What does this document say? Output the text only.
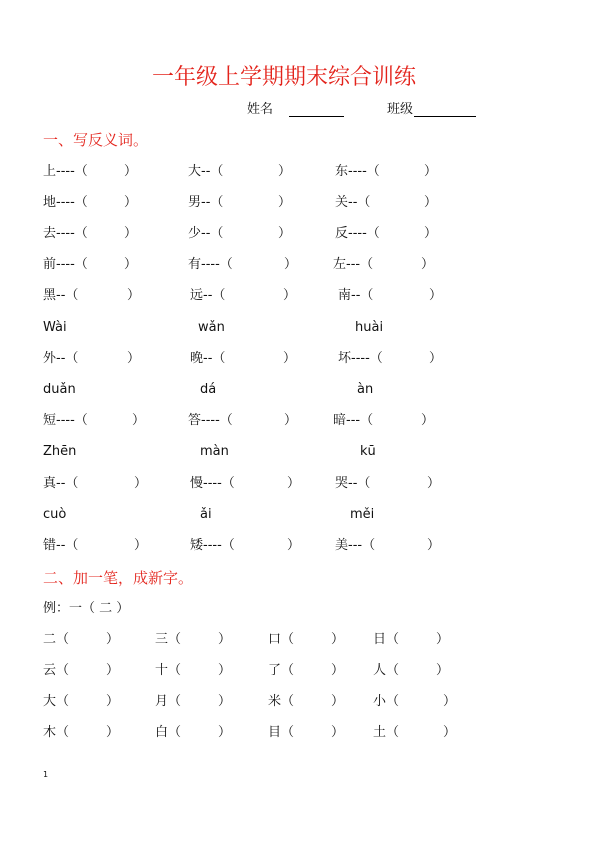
一年级上学期期末综合训练
姓名	班级
一、写反义词。
二、加一笔，成新字。
例：一（ 二 ）
1
上----（	）	大--（	）	东----（	）
地----（	）	男--（	）	关--（	）
去----（	）	少--（	）	反----（	）
前----（	）	有----（	）	左---（	）
黑--（	）	远--（	）	南--（	）
Wài	wǎn	huài
外--（	）	晚--（	）	坏----（	）
duǎn	dá	àn
短----（	）	答----（	）	暗---（	）
Zhēn	màn	kū
真--（	）	慢----（	）	哭--（	）
cuò	ǎi	měi
错--（	）	矮----（	）	美---（	）
二（	）	三（	）	口（	） 日（	）
云（	）	十（	）	了（	） 人（	）
大（	）	月（	）	米（	） 小（	）
木（	）	白（	）	目（	） 土（	）
